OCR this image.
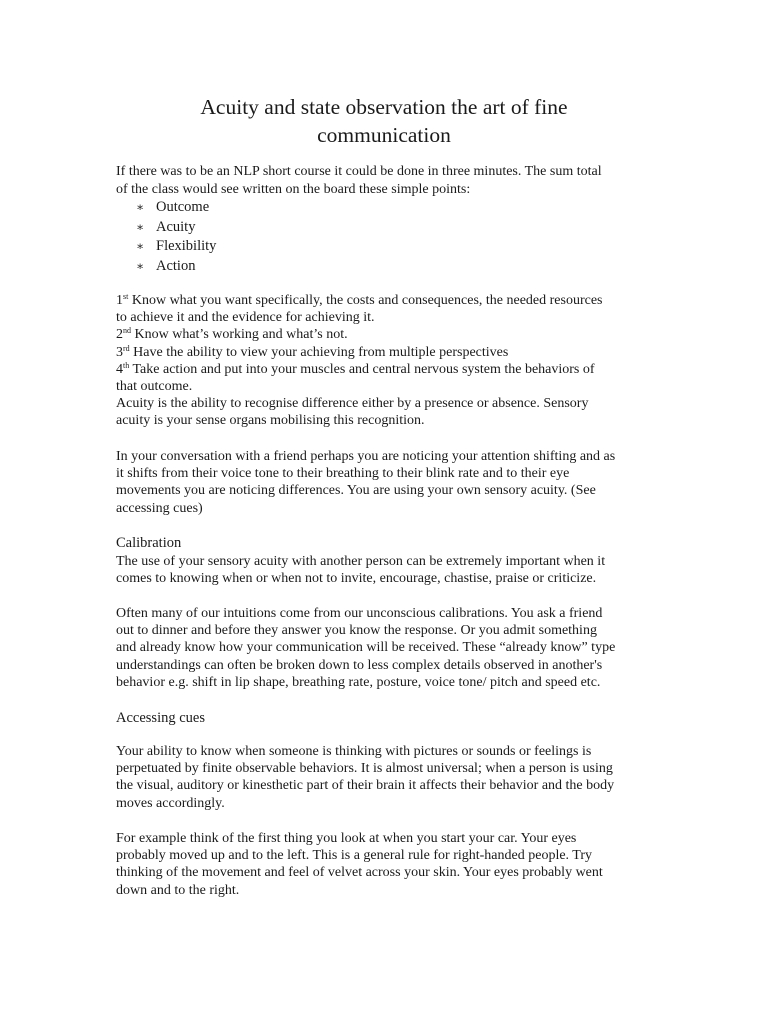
Acuity and state observation the art of fine
communication

If there was to be an NLP short course it could be done in three minutes. The sum total

of the class would see written on the board these simple points:

∗ Outcome
∗ Acuity
∗ Flexibility
∗ Action

1st Know what you want specifically, the costs and consequences, the needed resources

to achieve it and the evidence for achieving it.

2nd Know what’s working and what’s not.

3rd Have the ability to view your achieving from multiple perspectives

4th Take action and put into your muscles and central nervous system the behaviors of

that outcome.

Acuity is the ability to recognise difference either by a presence or absence. Sensory

acuity is your sense organs mobilising this recognition.

In your conversation with a friend perhaps you are noticing your attention shifting and as

it shifts from their voice tone to their breathing to their blink rate and to their eye

movements you are noticing differences. You are using your own sensory acuity. (See

accessing cues)

Calibration

The use of your sensory acuity with another person can be extremely important when it

comes to knowing when or when not to invite, encourage, chastise, praise or criticize.

Often many of our intuitions come from our unconscious calibrations. You ask a friend

out to dinner and before they answer you know the response. Or you admit something

and already know how your communication will be received. These “already know” type

understandings can often be broken down to less complex details observed in another's

behavior e.g. shift in lip shape, breathing rate, posture, voice tone/ pitch and speed etc.

Accessing cues

Your ability to know when someone is thinking with pictures or sounds or feelings is

perpetuated by finite observable behaviors. It is almost universal; when a person is using

the visual, auditory or kinesthetic part of their brain it affects their behavior and the body

moves accordingly.

For example think of the first thing you look at when you start your car. Your eyes

probably moved up and to the left. This is a general rule for right-handed people. Try

thinking of the movement and feel of velvet across your skin. Your eyes probably went

down and to the right.
